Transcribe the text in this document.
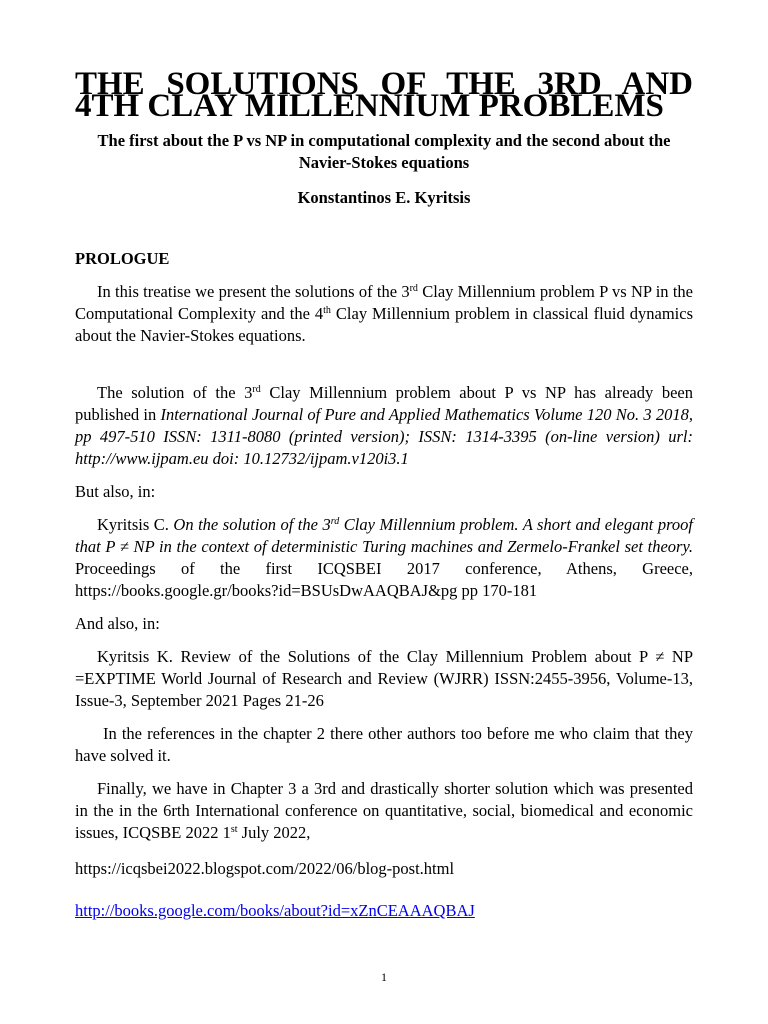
THE SOLUTIONS OF THE 3RD AND 4TH CLAY MILLENNIUM PROBLEMS
The first about the P vs NP in computational complexity and the second about the Navier-Stokes equations
Konstantinos E. Kyritsis
PROLOGUE

In this treatise we present the solutions of the 3rd Clay Millennium problem P vs NP in the Computational Complexity and the 4th Clay Millennium problem in classical fluid dynamics about the Navier-Stokes equations.

The solution of the 3rd Clay Millennium problem about P vs NP has already been published in International Journal of Pure and Applied Mathematics Volume 120 No. 3 2018, pp 497-510 ISSN: 1311-8080 (printed version); ISSN: 1314-3395 (on-line version) url: http://www.ijpam.eu doi: 10.12732/ijpam.v120i3.1

But also, in:

Kyritsis C. On the solution of the 3rd Clay Millennium problem. A short and elegant proof that P ≠ NP in the context of deterministic Turing machines and Zermelo-Frankel set theory. Proceedings of the first ICQSBEI 2017 conference, Athens, Greece, https://books.google.gr/books?id=BSUsDwAAQBAJ&pg pp 170-181

And also, in:

Kyritsis K. Review of the Solutions of the Clay Millennium Problem about P ≠ NP =EXPTIME World Journal of Research and Review (WJRR) ISSN:2455-3956, Volume-13, Issue-3, September 2021 Pages 21-26

In the references in the chapter 2 there other authors too before me who claim that they have solved it.

Finally, we have in Chapter 3 a 3rd and drastically shorter solution which was presented in the in the 6rth International conference on quantitative, social, biomedical and economic issues, ICQSBE 2022 1st July 2022,

https://icqsbei2022.blogspot.com/2022/06/blog-post.html

http://books.google.com/books/about?id=xZnCEAAAQBAJ

1
